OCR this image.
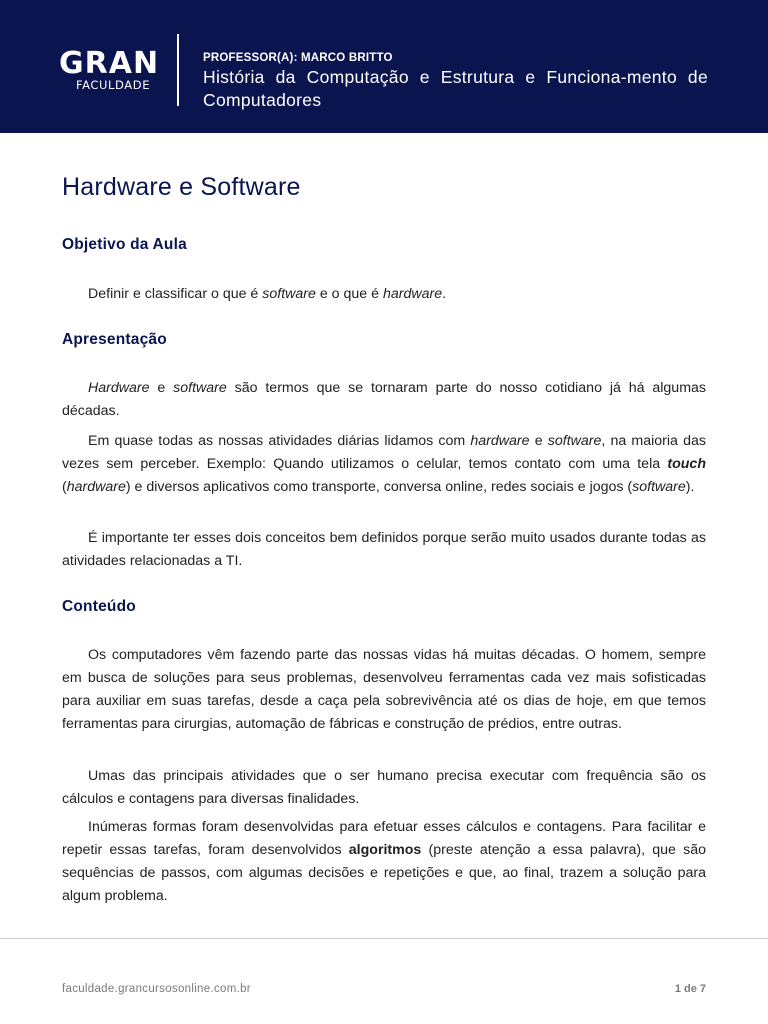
GRAN
FACULDADE
PROFESSOR(A): MARCO BRITTO
História da Computação e Estrutura e Funciona-mento de Computadores
Hardware e Software
Objetivo da Aula

Definir e classificar o que é software e o que é hardware.

Apresentação

Hardware e software são termos que se tornaram parte do nosso cotidiano já há algumas décadas.

Em quase todas as nossas atividades diárias lidamos com hardware e software, na maioria das vezes sem perceber. Exemplo: Quando utilizamos o celular, temos contato com uma tela touch (hardware) e diversos aplicativos como transporte, conversa online, redes sociais e jogos (software).

É importante ter esses dois conceitos bem definidos porque serão muito usados durante todas as atividades relacionadas a TI.

Conteúdo

Os computadores vêm fazendo parte das nossas vidas há muitas décadas. O homem, sempre em busca de soluções para seus problemas, desenvolveu ferramentas cada vez mais sofisticadas para auxiliar em suas tarefas, desde a caça pela sobrevivência até os dias de hoje, em que temos ferramentas para cirurgias, automação de fábricas e construção de prédios, entre outras.

Umas das principais atividades que o ser humano precisa executar com frequência são os cálculos e contagens para diversas finalidades.

Inúmeras formas foram desenvolvidas para efetuar esses cálculos e contagens. Para facilitar e repetir essas tarefas, foram desenvolvidos algoritmos (preste atenção a essa palavra), que são sequências de passos, com algumas decisões e repetições e que, ao final, trazem a solução para algum problema.

faculdade.grancursosonline.com.br	1 de 7
